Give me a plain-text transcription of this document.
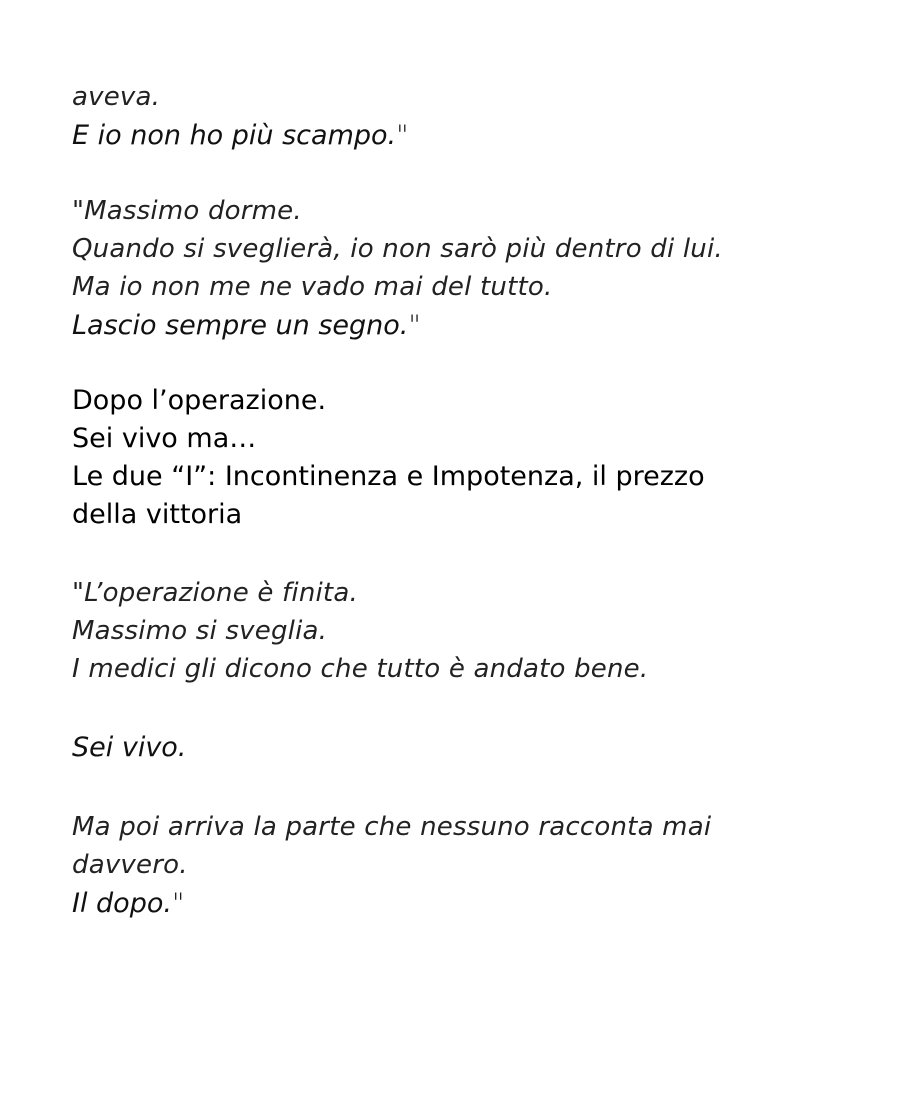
aveva.
E io non ho più scampo."
"Massimo dorme.
Quando si sveglierà, io non sarò più dentro di lui.
Ma io non me ne vado mai del tutto.
Lascio sempre un segno."
Dopo l’operazione.
Sei vivo ma…
Le due “I”: Incontinenza e Impotenza, il prezzo
della vittoria
"L’operazione è finita.
Massimo si sveglia.
I medici gli dicono che tutto è andato bene.
Sei vivo.
Ma poi arriva la parte che nessuno racconta mai
davvero.
Il dopo."
